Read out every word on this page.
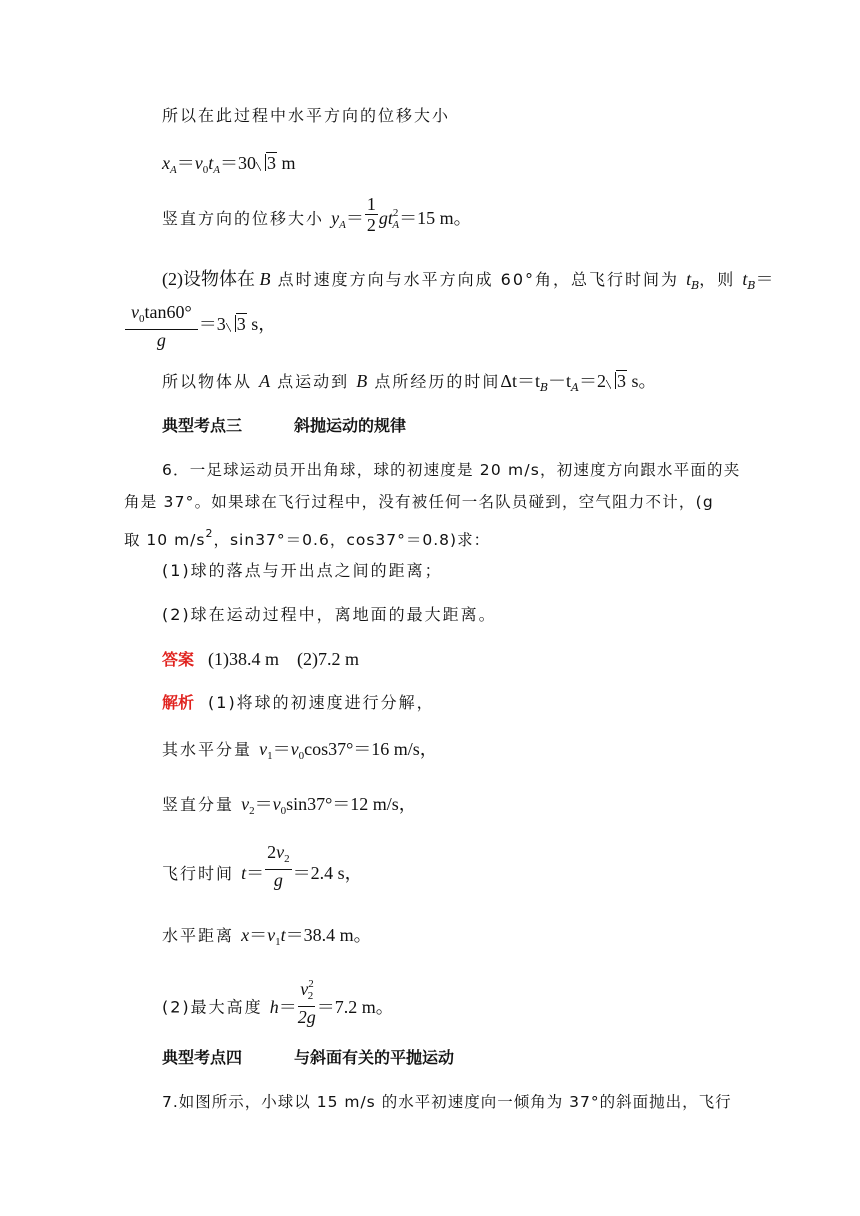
所以在此过程中水平方向的位移大小
$x_A=v_0t_A=30$ 3 m
竖直方向的位移大小 $y_A= \frac{1}{2} gt^2_A=15$ m。
(2)设物体在 B 点时速度方向与水平方向成 60°角，总飞行时间为 $t_B$，则 $t_B=$
$\frac{v_0\tan 60^\circ}{g} =3$ 3 s，
所以物体从 A 点运动到 B 点所经历的时间$\Delta t=t_B-t_A=2$ 3 s。
典型考点三	斜抛运动的规律
6．一足球运动员开出角球，球的初速度是 20 m/s，初速度方向跟水平面的夹
角是 37°。如果球在飞行过程中，没有被任何一名队员碰到，空气阻力不计，(g
取 10 $m/s^2$，sin37°＝0.6，cos37°＝0.8)求：
(1)球的落点与开出点之间的距离；
(2)球在运动过程中，离地面的最大距离。
答案 (1)38.4 m　(2)7.2 m
解析 (1)将球的初速度进行分解，
其水平分量 $v_1=v_0\cos 37^\circ=16$ m/s，
竖直分量 $v_2=v_0\sin 37^\circ=12$ m/s，
飞行时间 $t= \frac{2v_2}{g} =2.4$ s，
水平距离 $x=v_1t=38.4$ m。
(2)最大高度 $h= \frac{v^2_2}{2g} =7.2$ m。
典型考点四	与斜面有关的平抛运动
7.如图所示，小球以 15 m/s 的水平初速度向一倾角为 37°的斜面抛出，飞行
